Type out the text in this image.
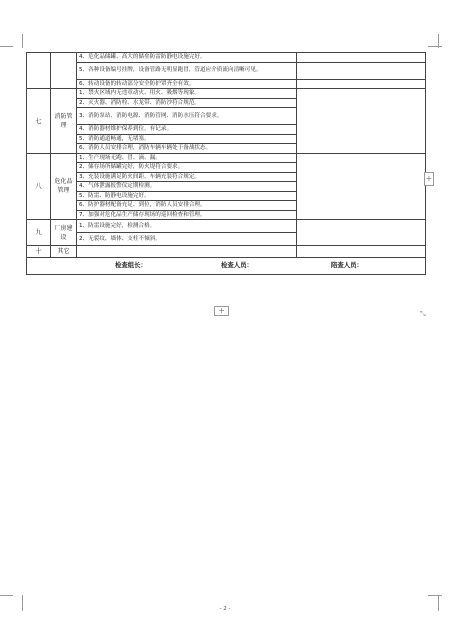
		4、危化品储罐、高大的储垒防雷防静电设施完好。	
		5、各种设备编号挂牌，设备管路无明显跑冒，管道应介质流向清晰可见。	
		6、转动设备的转动部分安全防护罩齐全有效。	
七	消防管理	1、禁火区域内无违章动火、用火、吸烟等现象。	
		2、灭火器、消防栓、水龙带、消防沙符合规范。	
		3、消防泵站、消防电源、消防管网、消防水压符合要求。	
		4、消防器材维护保养到位，有记录。	
		5、消防通道畅通，无堵塞。	
		6、消防人员安排合理，消防车辆车辆处于备战状态。	
八	危化品管理	1、生产现场无跑、冒、滴、漏。	
		2、储存场所储罐完好，防火堤符合要求。	
		3、充装设施满足防火间距，车辆充装符合规定。	
		4、气体泄露报警仪定期检测。	
		5、防雷、防静电设施完好。	
		6、防护器材配备充足、到位，消防人员安排合理。	
		7、加强对危化品生产储存现场的巡回检查和管理。	
九	厂房建设	1、防雷设施完好，检测合格。	
		2、无裂纹、墙体、支柱不倾斜。	
十	其它		

检查组长： 检查人员： 陪查人员：			
+
+
⤡
- 2 -
